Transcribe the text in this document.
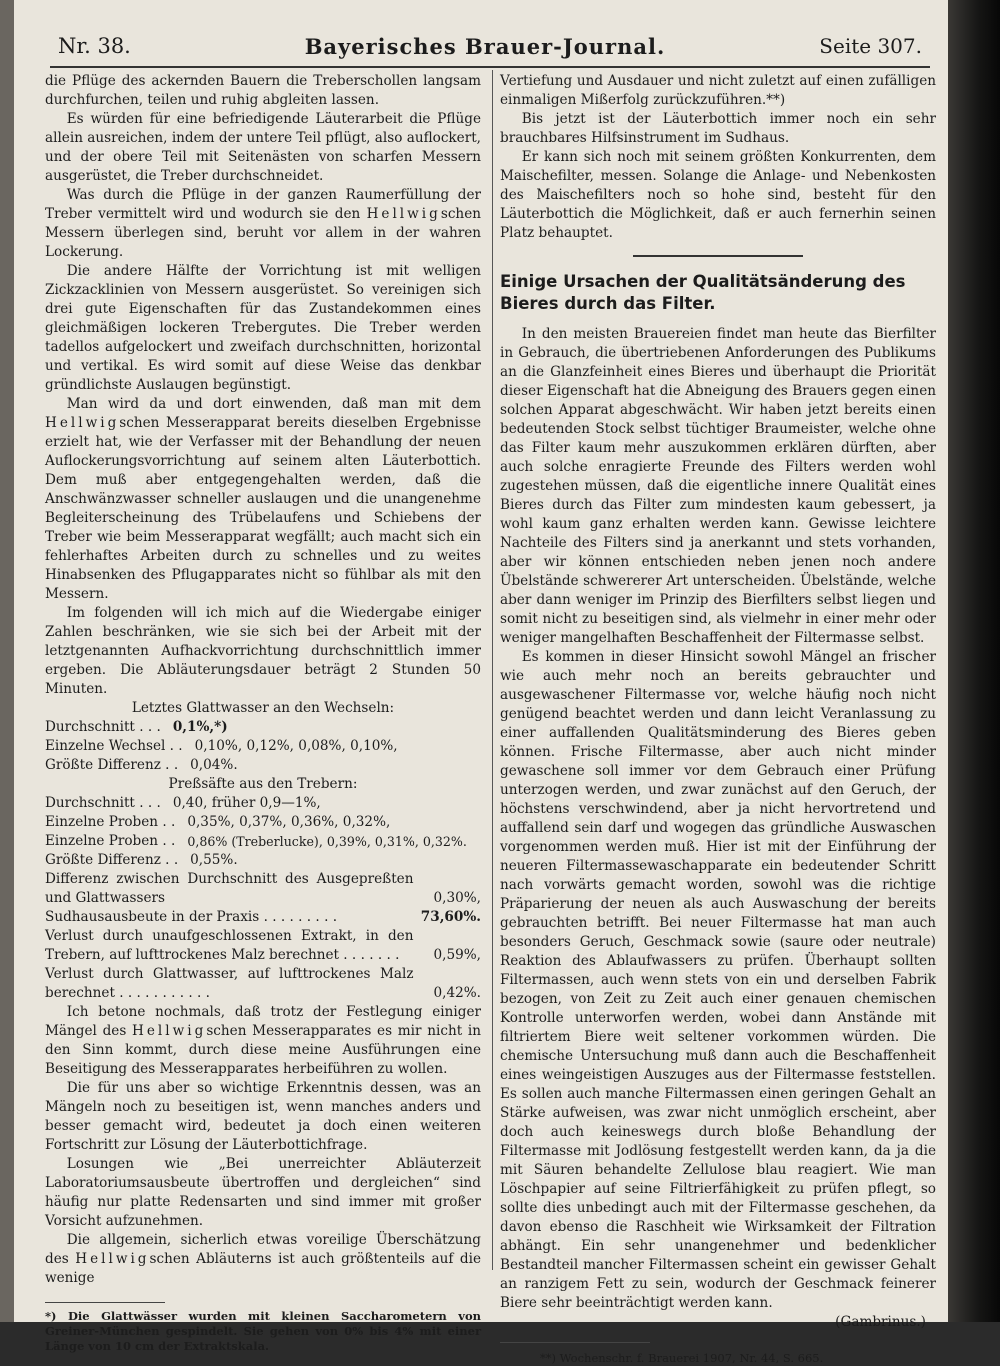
Nr. 38.	Bayerisches Brauer-Journal.	Seite 307.

die Pflüge des ackernden Bauern die Treberschollen langsam durchfurchen, teilen und ruhig abgleiten lassen.

Es würden für eine befriedigende Läuterarbeit die Pflüge allein ausreichen, indem der untere Teil pflügt, also auflockert, und der obere Teil mit Seitenästen von scharfen Messern ausgerüstet, die Treber durchschneidet.

Was durch die Pflüge in der ganzen Raumerfüllung der Treber vermittelt wird und wodurch sie den Hellwigschen Messern überlegen sind, beruht vor allem in der wahren Lockerung.

Die andere Hälfte der Vorrichtung ist mit welligen Zickzacklinien von Messern ausgerüstet. So vereinigen sich drei gute Eigenschaften für das Zustandekommen eines gleichmäßigen lockeren Trebergutes. Die Treber werden tadellos aufgelockert und zweifach durchschnitten, horizontal und vertikal. Es wird somit auf diese Weise das denkbar gründlichste Auslaugen begünstigt.

Man wird da und dort einwenden, daß man mit dem Hellwigschen Messerapparat bereits dieselben Ergebnisse erzielt hat, wie der Verfasser mit der Behandlung der neuen Auflockerungsvorrichtung auf seinem alten Läuterbottich. Dem muß aber entgegengehalten werden, daß die Anschwänzwasser schneller auslaugen und die unangenehme Begleiterscheinung des Trübelaufens und Schiebens der Treber wie beim Messerapparat wegfällt; auch macht sich ein fehlerhaftes Arbeiten durch zu schnelles und zu weites Hinabsenken des Pflugapparates nicht so fühlbar als mit den Messern.

Im folgenden will ich mich auf die Wiedergabe einiger Zahlen beschränken, wie sie sich bei der Arbeit mit der letztgenannten Aufhackvorrichtung durchschnittlich immer ergeben. Die Abläuterungsdauer beträgt 2 Stunden 50 Minuten.

Letztes Glattwasser an den Wechseln:

Durchschnitt . . . 0,1%,*)
Einzelne Wechsel . . 0,10%, 0,12%, 0,08%, 0,10%,
Größte Differenz . . 0,04%.

Preßsäfte aus den Trebern:

Durchschnitt . . . 0,40, früher 0,9—1%,
Einzelne Proben . . 0,35%, 0,37%, 0,36%, 0,32%,
Einzelne Proben . . 0,86% (Treberlucke), 0,39%, 0,31%, 0,32%.
Größte Differenz . . 0,55%.
Differenz zwischen Durchschnitt des Ausgepreßten und Glattwassers	0,30%,
Sudhausausbeute in der Praxis . . . . . . . . .	73,60%.
Verlust durch unaufgeschlossenen Extrakt, in den Trebern, auf lufttrockenes Malz berechnet . . . . . . .	0,59%,
Verlust durch Glattwasser, auf lufttrockenes Malz berechnet . . . . . . . . . . .	0,42%.

Ich betone nochmals, daß trotz der Festlegung einiger Mängel des Hellwigschen Messerapparates es mir nicht in den Sinn kommt, durch diese meine Ausführungen eine Beseitigung des Messerapparates herbeiführen zu wollen.

Die für uns aber so wichtige Erkenntnis dessen, was an Mängeln noch zu beseitigen ist, wenn manches anders und besser gemacht wird, bedeutet ja doch einen weiteren Fortschritt zur Lösung der Läuterbottichfrage.

Losungen wie „Bei unerreichter Abläuterzeit Laboratoriumsausbeute übertroffen und dergleichen“ sind häufig nur platte Redensarten und sind immer mit großer Vorsicht aufzunehmen.

Die allgemein, sicherlich etwas voreilige Überschätzung des Hellwigschen Abläuterns ist auch größtenteils auf die wenige

*) Die Glattwässer wurden mit kleinen Saccharometern von Greiner-München gespindelt. Sie gehen von 0% bis 4% mit einer Länge von 10 cm der Extraktskala.

Vertiefung und Ausdauer und nicht zuletzt auf einen zufälligen einmaligen Mißerfolg zurückzuführen.**)

Bis jetzt ist der Läuterbottich immer noch ein sehr brauchbares Hilfsinstrument im Sudhaus.

Er kann sich noch mit seinem größten Konkurrenten, dem Maischefilter, messen. Solange die Anlage- und Nebenkosten des Maischefilters noch so hohe sind, besteht für den Läuterbottich die Möglichkeit, daß er auch fernerhin seinen Platz behauptet.

Einige Ursachen der Qualitätsänderung des Bieres durch das Filter.

In den meisten Brauereien findet man heute das Bierfilter in Gebrauch, die übertriebenen Anforderungen des Publikums an die Glanzfeinheit eines Bieres und überhaupt die Priorität dieser Eigenschaft hat die Abneigung des Brauers gegen einen solchen Apparat abgeschwächt. Wir haben jetzt bereits einen bedeutenden Stock selbst tüchtiger Braumeister, welche ohne das Filter kaum mehr auszukommen erklären dürften, aber auch solche enragierte Freunde des Filters werden wohl zugestehen müssen, daß die eigentliche innere Qualität eines Bieres durch das Filter zum mindesten kaum gebessert, ja wohl kaum ganz erhalten werden kann. Gewisse leichtere Nachteile des Filters sind ja anerkannt und stets vorhanden, aber wir können entschieden neben jenen noch andere Übelstände schwererer Art unterscheiden. Übelstände, welche aber dann weniger im Prinzip des Bierfilters selbst liegen und somit nicht zu beseitigen sind, als vielmehr in einer mehr oder weniger mangelhaften Beschaffenheit der Filtermasse selbst.

Es kommen in dieser Hinsicht sowohl Mängel an frischer wie auch mehr noch an bereits gebrauchter und ausgewaschener Filtermasse vor, welche häufig noch nicht genügend beachtet werden und dann leicht Veranlassung zu einer auffallenden Qualitätsminderung des Bieres geben können. Frische Filtermasse, aber auch nicht minder gewaschene soll immer vor dem Gebrauch einer Prüfung unterzogen werden, und zwar zunächst auf den Geruch, der höchstens verschwindend, aber ja nicht hervortretend und auffallend sein darf und wogegen das gründliche Auswaschen vorgenommen werden muß. Hier ist mit der Einführung der neueren Filtermassewaschapparate ein bedeutender Schritt nach vorwärts gemacht worden, sowohl was die richtige Präparierung der neuen als auch Auswaschung der bereits gebrauchten betrifft. Bei neuer Filtermasse hat man auch besonders Geruch, Geschmack sowie (saure oder neutrale) Reaktion des Ablaufwassers zu prüfen. Überhaupt sollten Filtermassen, auch wenn stets von ein und derselben Fabrik bezogen, von Zeit zu Zeit auch einer genauen chemischen Kontrolle unterworfen werden, wobei dann Anstände mit filtriertem Biere weit seltener vorkommen würden. Die chemische Untersuchung muß dann auch die Beschaffenheit eines weingeistigen Auszuges aus der Filtermasse feststellen. Es sollen auch manche Filtermassen einen geringen Gehalt an Stärke aufweisen, was zwar nicht unmöglich erscheint, aber doch auch keineswegs durch bloße Behandlung der Filtermasse mit Jodlösung festgestellt werden kann, da ja die mit Säuren behandelte Zellulose blau reagiert. Wie man Löschpapier auf seine Filtrierfähigkeit zu prüfen pflegt, so sollte dies unbedingt auch mit der Filtermasse geschehen, da davon ebenso die Raschheit wie Wirksamkeit der Filtration abhängt. Ein sehr unangenehmer und bedenklicher Bestandteil mancher Filtermassen scheint ein gewisser Gehalt an ranzigem Fett zu sein, wodurch der Geschmack feinerer Biere sehr beeinträchtigt werden kann.

(Gambrinus.)

**) Wochenschr. f. Brauerei 1907, Nr. 44, S. 665.
